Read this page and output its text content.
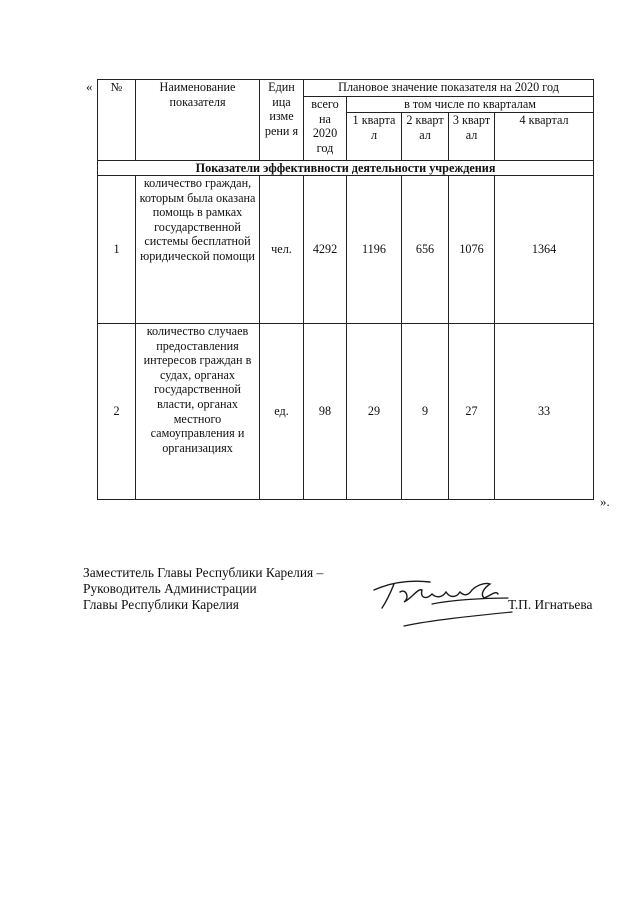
« №	Наименование показателя	Един ица изме рени я	Плановое значение показателя на 2020 год				
			всего на 2020 год	в том числе по кварталам			
				1 кварта л	2 кварт ал	3 кварт ал	4 квартал
Показатели эффективности деятельности учреждения							
1	количество граждан, которым была оказана помощь в рамках государственной системы бесплатной юридической помощи	чел.	4292	1196	656	1076	1364
2	количество случаев предоставления интересов граждан в судах, органах государственной власти, органах местного самоуправления и организациях	ед.	98	29	9	27	33
».
Заместитель Главы Республики Карелия –
Руководитель Администрации
Главы Республики Карелия	Т.П. Игнатьева
